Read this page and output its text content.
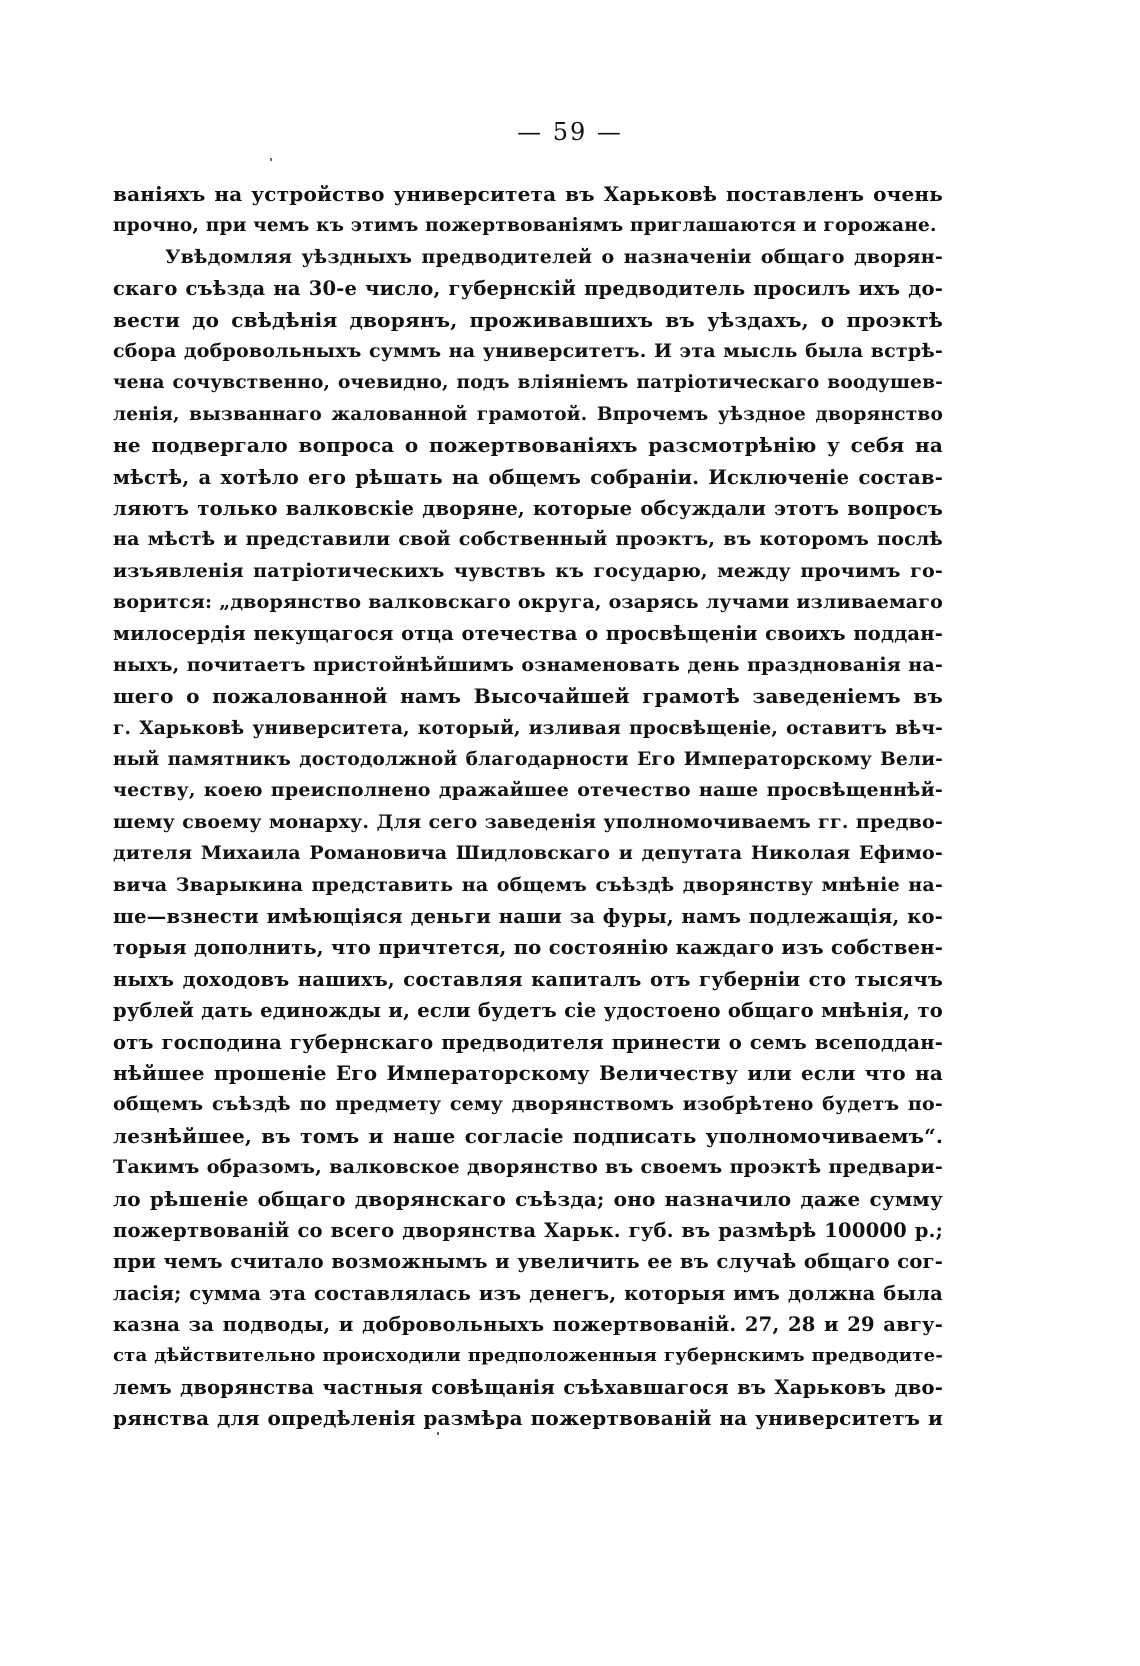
— 59 —
ваніяхъ на устройство университета въ Харьковѣ поставленъ очень
прочно, при чемъ къ этимъ пожертвованіямъ приглашаются и горожане.
Увѣдомляя уѣздныхъ предводителей о назначеніи общаго дворян-
скаго съѣзда на 30-е число, губернскій предводитель просилъ ихъ до-
вести до свѣдѣнія дворянъ, проживавшихъ въ уѣздахъ, о проэктѣ
сбора добровольныхъ суммъ на университетъ. И эта мысль была встрѣ-
чена сочувственно, очевидно, подъ вліяніемъ патріотическаго воодушев-
ленія, вызваннаго жалованной грамотой. Впрочемъ уѣздное дворянство
не подвергало вопроса о пожертвованіяхъ разсмотрѣнію у себя на
мѣстѣ, а хотѣло его рѣшать на общемъ собраніи. Исключеніе состав-
ляютъ только валковскіе дворяне, которые обсуждали этотъ вопросъ
на мѣстѣ и представили свой собственный проэктъ, въ которомъ послѣ
изъявленія патріотическихъ чувствъ къ государю, между прочимъ го-
ворится: „дворянство валковскаго округа, озарясь лучами изливаемаго
милосердія пекущагося отца отечества о просвѣщеніи своихъ поддан-
ныхъ, почитаетъ пристойнѣйшимъ ознаменовать день празднованія на-
шего о пожалованной намъ Высочайшей грамотѣ заведеніемъ въ
г. Харьковѣ университета, который, изливая просвѣщеніе, оставитъ вѣч-
ный памятникъ достодолжной благодарности Его Императорскому Вели-
честву, коею преисполнено дражайшее отечество наше просвѣщеннѣй-
шему своему монарху. Для сего заведенія уполномочиваемъ гг. предво-
дителя Михаила Романовича Шидловскаго и депутата Николая Ефимо-
вича Зварыкина представить на общемъ съѣздѣ дворянству мнѣніе на-
ше—взнести имѣющіяся деньги наши за фуры, намъ подлежащія, ко-
торыя дополнить, что причтется, по состоянію каждаго изъ собствен-
ныхъ доходовъ нашихъ, составляя капиталъ отъ губерніи сто тысячъ
рублей дать единожды и, если будетъ сіе удостоено общаго мнѣнія, то
отъ господина губернскаго предводителя принести о семъ всеподдан-
нѣйшее прошеніе Его Императорскому Величеству или если что на
общемъ съѣздѣ по предмету сему дворянствомъ изобрѣтено будетъ по-
лезнѣйшее, въ томъ и наше согласіе подписать уполномочиваемъ“.
Такимъ образомъ, валковское дворянство въ своемъ проэктѣ предвари-
ло рѣшеніе общаго дворянскаго съѣзда; оно назначило даже сумму
пожертвованій со всего дворянства Харьк. губ. въ размѣрѣ 100000 р.;
при чемъ считало возможнымъ и увеличить ее въ случаѣ общаго сог-
ласія; сумма эта составлялась изъ денегъ, которыя имъ должна была
казна за подводы, и добровольныхъ пожертвованій. 27, 28 и 29 авгу-
ста дѣйствительно происходили предположенныя губернскимъ предводите-
лемъ дворянства частныя совѣщанія съѣхавшагося въ Харьковъ дво-
рянства для опредѣленія размѣра пожертвованій на университетъ и
